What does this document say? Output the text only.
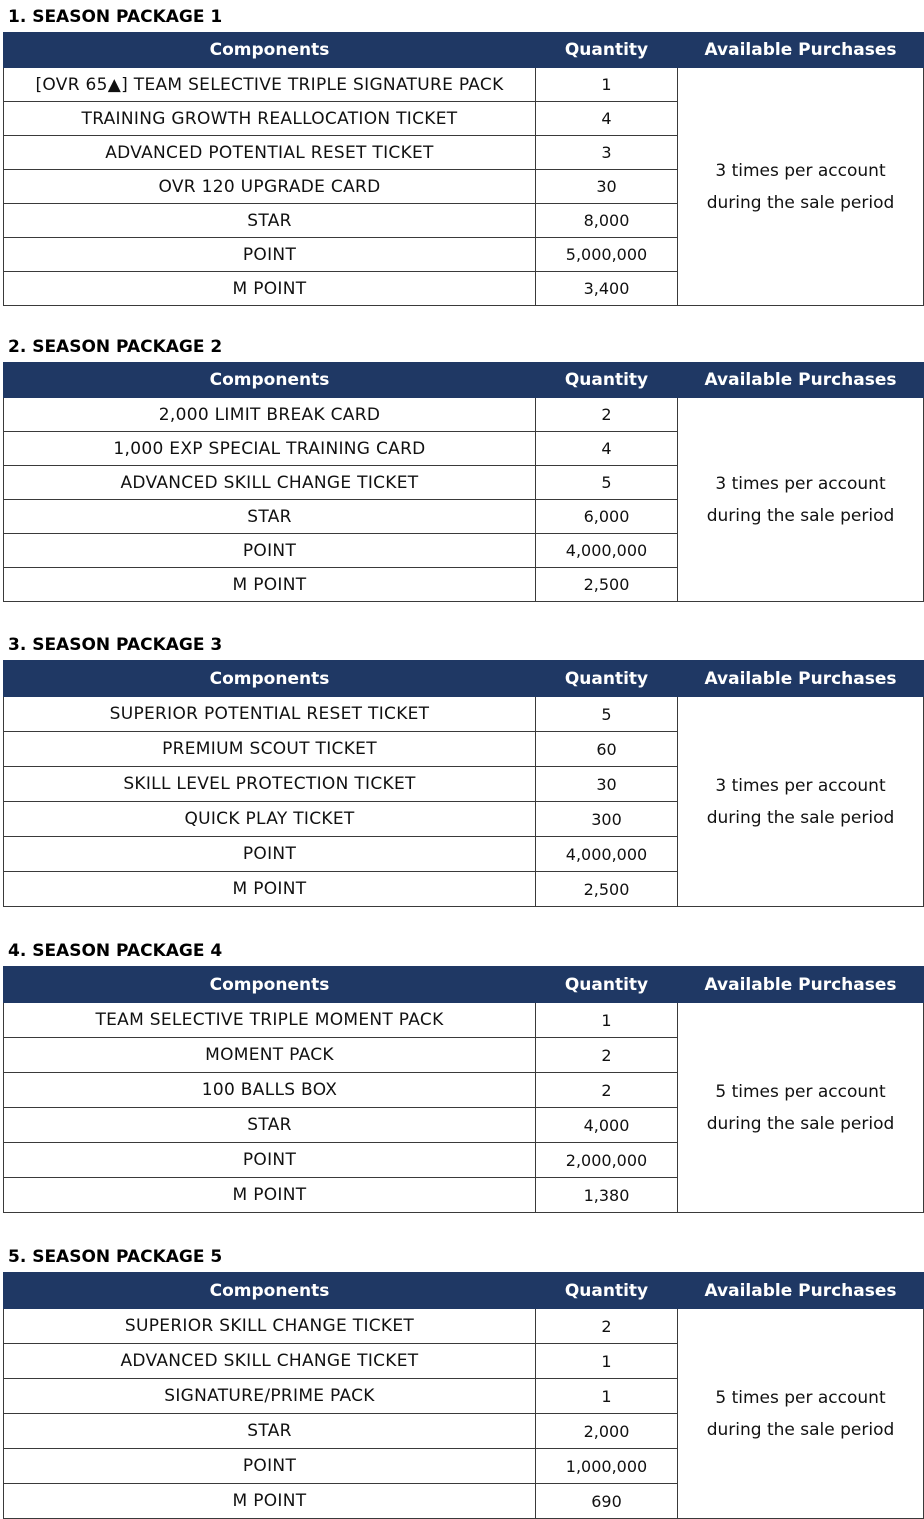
1. SEASON PACKAGE 1
Components	Quantity	Available Purchases
[OVR 65▲] TEAM SELECTIVE TRIPLE SIGNATURE PACK	1	3 times per account
during the sale period

TRAINING GROWTH REALLOCATION TICKET	4	
ADVANCED POTENTIAL RESET TICKET	3	
OVR 120 UPGRADE CARD	30	
STAR	8,000	
POINT	5,000,000	
M POINT	3,400	
2. SEASON PACKAGE 2
Components	Quantity	Available Purchases
2,000 LIMIT BREAK CARD	2	3 times per account
during the sale period

1,000 EXP SPECIAL TRAINING CARD	4	
ADVANCED SKILL CHANGE TICKET	5	
STAR	6,000	
POINT	4,000,000	
M POINT	2,500	
3. SEASON PACKAGE 3
Components	Quantity	Available Purchases
SUPERIOR POTENTIAL RESET TICKET	5	3 times per account
during the sale period

PREMIUM SCOUT TICKET	60	
SKILL LEVEL PROTECTION TICKET	30	
QUICK PLAY TICKET	300	
POINT	4,000,000	
M POINT	2,500	
4. SEASON PACKAGE 4
Components	Quantity	Available Purchases
TEAM SELECTIVE TRIPLE MOMENT PACK	1	5 times per account
during the sale period

MOMENT PACK	2	
100 BALLS BOX	2	
STAR	4,000	
POINT	2,000,000	
M POINT	1,380	
5. SEASON PACKAGE 5
Components	Quantity	Available Purchases
SUPERIOR SKILL CHANGE TICKET	2	5 times per account
during the sale period

ADVANCED SKILL CHANGE TICKET	1	
SIGNATURE/PRIME PACK	1	
STAR	2,000	
POINT	1,000,000	
M POINT	690	
